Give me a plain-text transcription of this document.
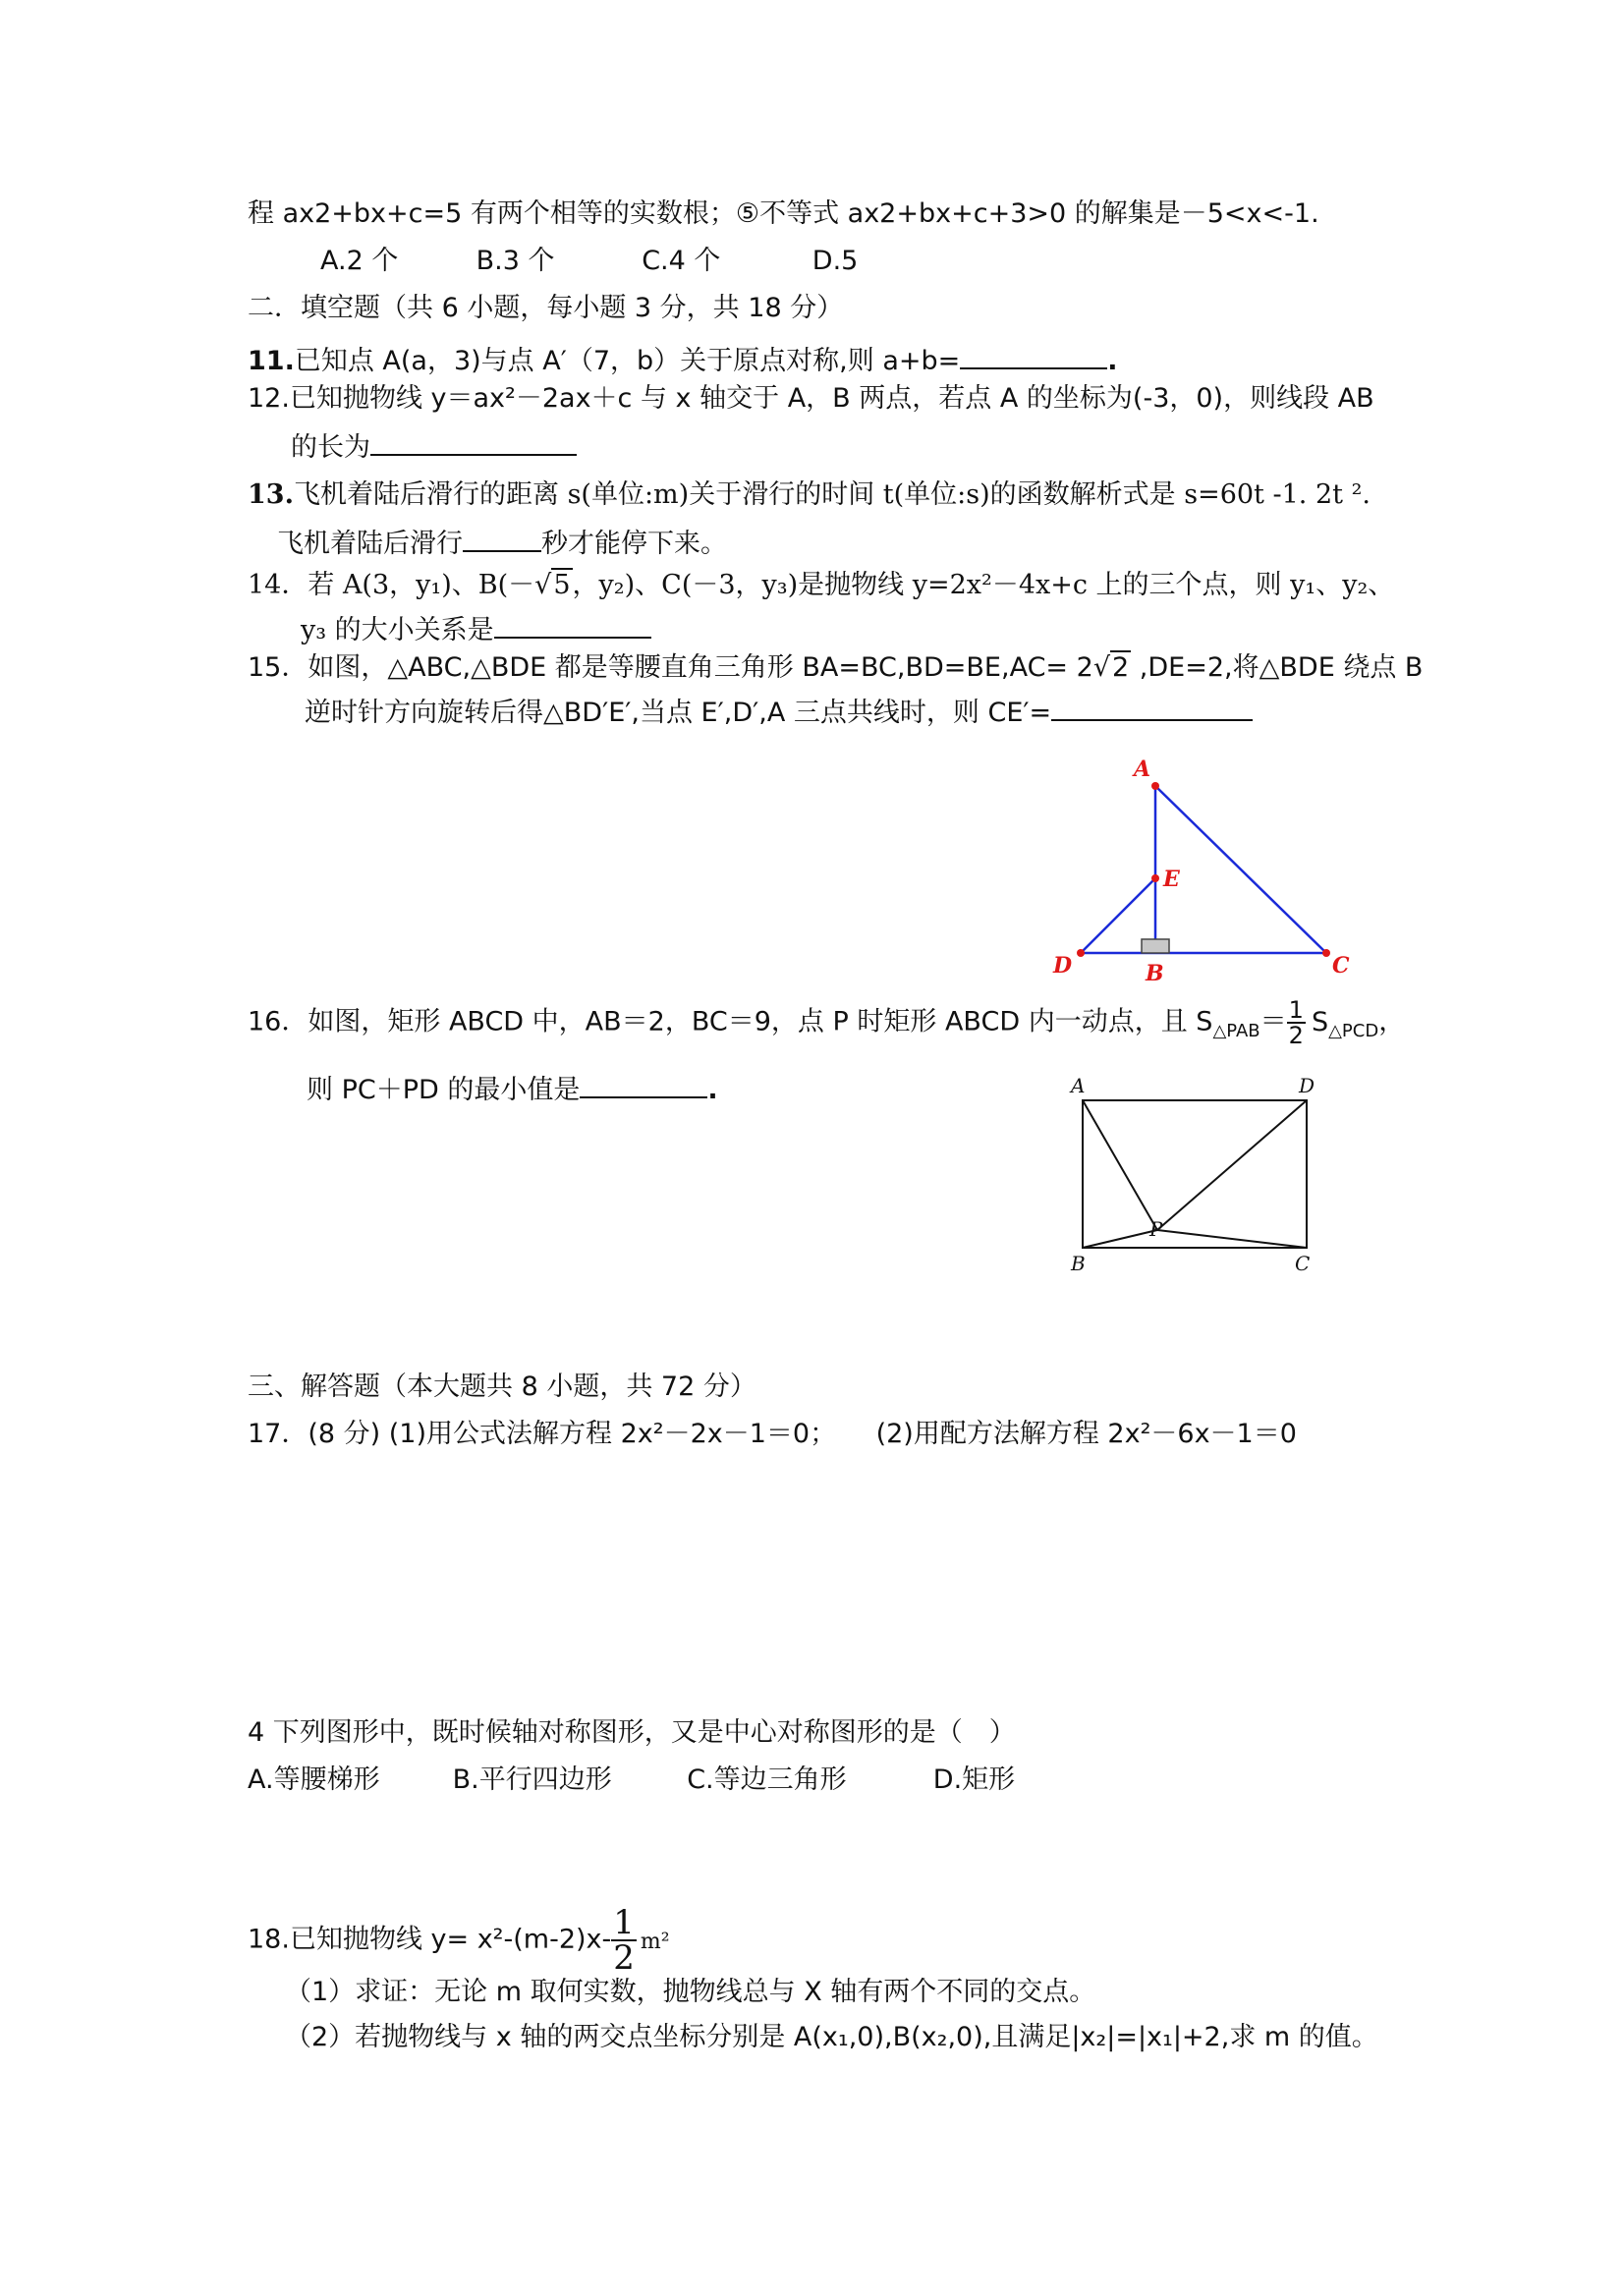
程 ax2+bx+c=5 有两个相等的实数根；⑤不等式 ax2+bx+c+3>0 的解集是－5<x<-1.
A.2 个	B.3 个	C.4 个	D.5
二．填空题（共 6 小题，每小题 3 分，共 18 分）
11.已知点 A(a，3)与点 A′（7，b）关于原点对称,则 a+b=	.
12.已知抛物线 y＝ax²－2ax＋c 与 x 轴交于 A，B 两点，若点 A 的坐标为(-3，0)，则线段 AB
的长为
13.飞机着陆后滑行的距离 s(单位:m)关于滑行的时间 t(单位:s)的函数解析式是 s=60t -1. 2t ².
飞机着陆后滑行	秒才能停下来。
14．若 A(3，y₁)、B(－√5，y₂)、C(－3，y₃)是抛物线 y=2x²－4x+c 上的三个点，则 y₁、y₂、
y₃ 的大小关系是
15．如图，△ABC,△BDE 都是等腰直角三角形 BA=BC,BD=BE,AC= 2√2 ,DE=2,将△BDE 绕点 B
逆时针方向旋转后得△BD′E′,当点 E′,D′,A 三点共线时，则 CE′=
A
E
D	B	C
16．如图，矩形 ABCD 中，AB＝2，BC＝9，点 P 时矩形 ABCD 内一动点，且 $S_{\triangle PAB}= \frac{1}{2} S_{\triangle PCD}$，
则 PC＋PD 的最小值是	.	A	D
P
B	C
三、解答题（本大题共 8 小题，共 72 分）
17．(8 分) (1)用公式法解方程 2x²－2x－1＝0；　　(2)用配方法解方程 2x²－6x－1＝0
4 下列图形中，既时候轴对称图形，又是中心对称图形的是（　）
A.等腰梯形	B.平行四边形	C.等边三角形	D.矩形
18.已知抛物线 $y= x^2-(m-2)x- \frac{1}{2} m^2$
（1）求证：无论 m 取何实数，抛物线总与 X 轴有两个不同的交点。
（2）若抛物线与 x 轴的两交点坐标分别是 A(x₁,0),B(x₂,0),且满足|x₂|=|x₁|+2,求 m 的值。
